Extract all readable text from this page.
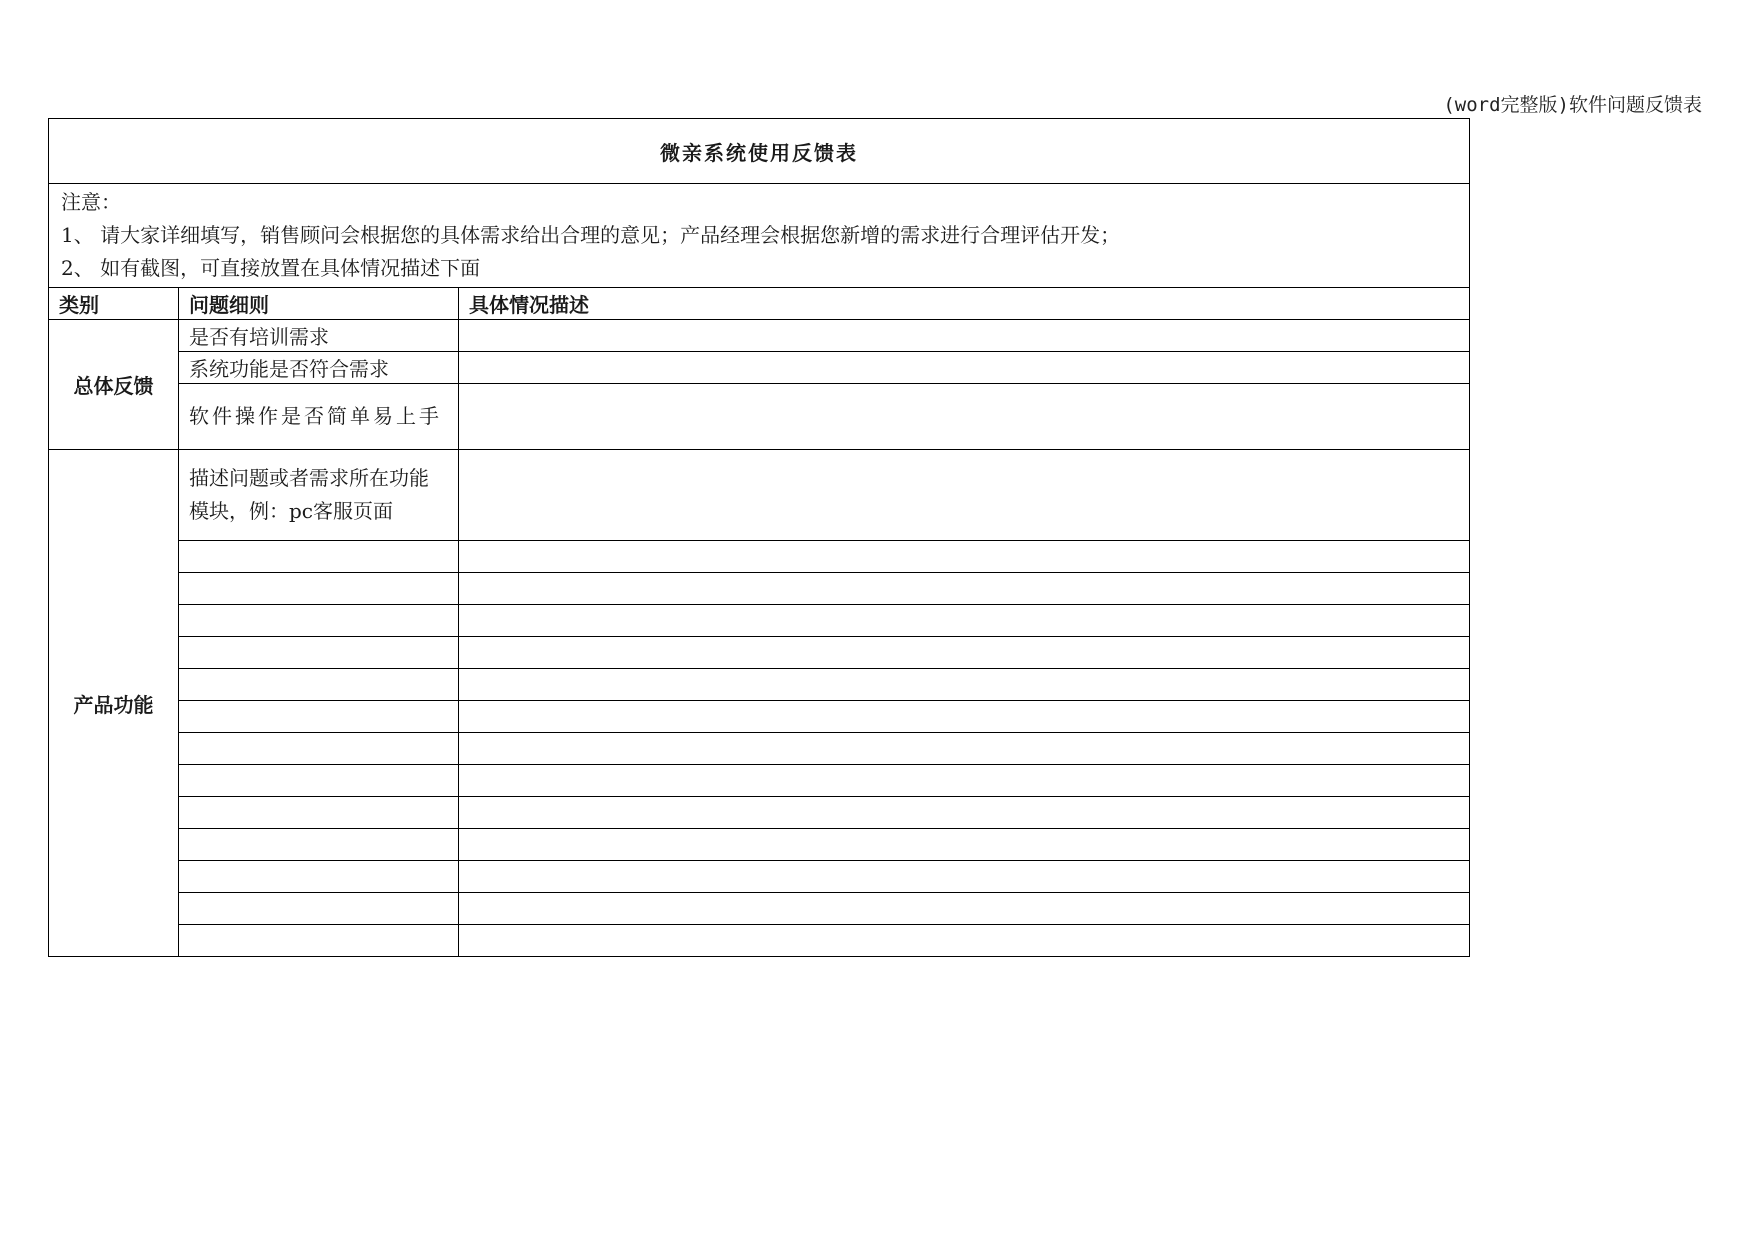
(word完整版)软件问题反馈表
微亲系统使用反馈表		

注意：
1、 请大家详细填写，销售顾问会根据您的具体需求给出合理的意见；产品经理会根据您新增的需求进行合理评估开发；
2、 如有截图，可直接放置在具体情况描述下面		

类别	问题细则	具体情况描述
总体反馈	是否有培训需求	
	系统功能是否符合需求	
	软件操作是否简单易上手	
产品功能	描述问题或者需求所在功能模块，例：pc客服页面	
